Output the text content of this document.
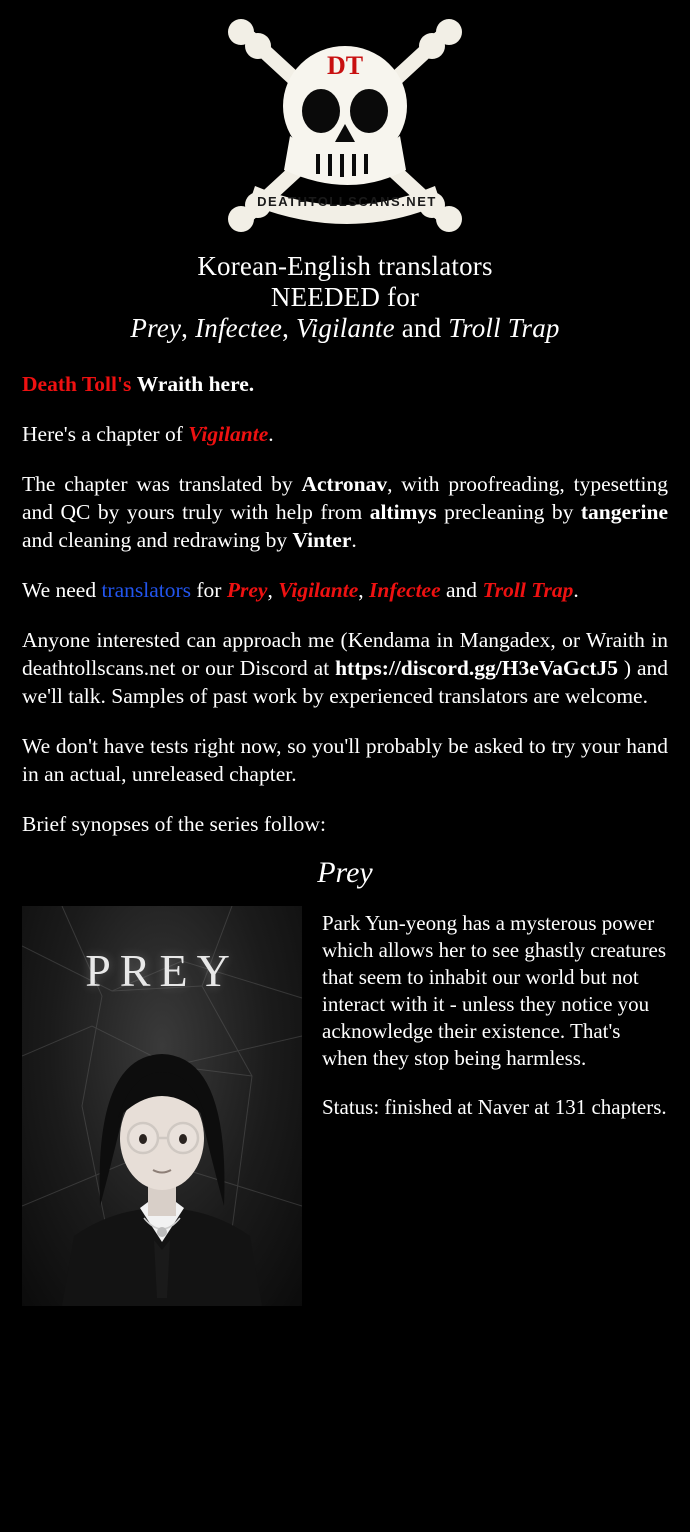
DT
DEATHTOLLSCANS.NET
Korean-English translators
NEEDED for
Prey, Infectee, Vigilante and Troll Trap

Death Toll's Wraith here.

Here's a chapter of Vigilante.

The chapter was translated by Actronav, with proofreading, typesetting and QC by yours truly with help from altimys precleaning by tangerine and cleaning and redrawing by Vinter.

We need translators for Prey, Vigilante, Infectee and Troll Trap.

Anyone interested can approach me (Kendama in Mangadex, or Wraith in deathtollscans.net or our Discord at https://discord.gg/H3eVaGctJ5 ) and we'll talk. Samples of past work by experienced translators are welcome.

We don't have tests right now, so you'll probably be asked to try your hand in an actual, unreleased chapter.

Brief synopses of the series follow:

Prey
PREY

Park Yun-yeong has a mysterous power which allows her to see ghastly creatures that seem to inhabit our world but not interact with it - unless they notice you acknowledge their existence. That's when they stop being harmless.

Status: finished at Naver at 131 chapters.
